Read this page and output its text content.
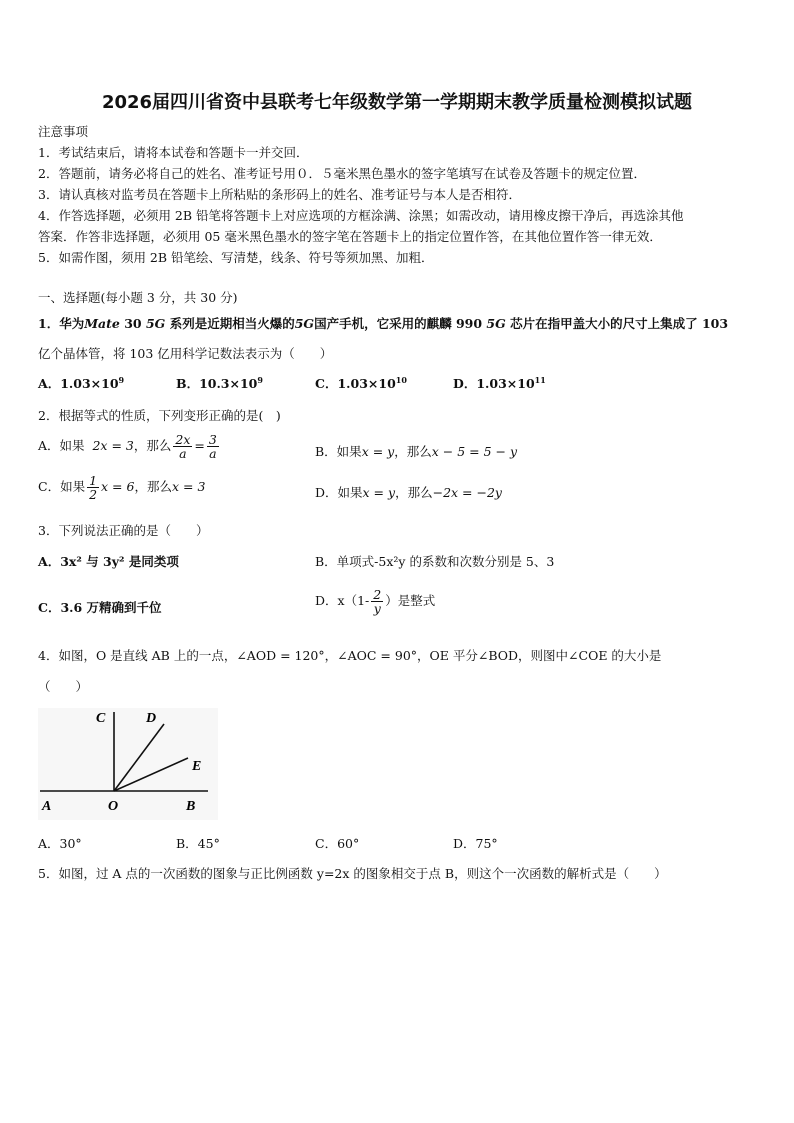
2026届四川省资中县联考七年级数学第一学期期末教学质量检测模拟试题
注意事项
1．考试结束后，请将本试卷和答题卡一并交回．
2．答题前，请务必将自己的姓名、准考证号用０．５毫米黑色墨水的签字笔填写在试卷及答题卡的规定位置．
3．请认真核对监考员在答题卡上所粘贴的条形码上的姓名、准考证号与本人是否相符．
4．作答选择题，必须用 2B 铅笔将答题卡上对应选项的方框涂满、涂黑；如需改动，请用橡皮擦干净后，再选涂其他
答案．作答非选择题，必须用 05 毫米黑色墨水的签字笔在答题卡上的指定位置作答，在其他位置作答一律无效．
5．如需作图，须用 2B 铅笔绘、写清楚，线条、符号等须加黑、加粗．
一、选择题(每小题 3 分，共 30 分)
1．华为Mate 30 5G 系列是近期相当火爆的5G国产手机，它采用的麒麟 990 5G 芯片在指甲盖大小的尺寸上集成了 103
亿个晶体管，将 103 亿用科学记数法表示为（　　）
A．$1.03\times 10^9$	B．$10.3\times 10^9$	C．$1.03\times 10^{10}$	D．$1.03\times 10^{11}$
2．根据等式的性质，下列变形正确的是(　)
A．如果 2x = 3，那么 $\frac{2x}{a} = \frac{3}{a}$	B．如果x = y，那么x − 5 = 5 − y
C．如果 $\frac{1}{2}$ x = 6，那么x = 3	D．如果x = y，那么−2x = −2y
3．下列说法正确的是（　　）
A．3x² 与 3y² 是同类项	B．单项式-5x²y 的系数和次数分别是 5、3
C．3.6 万精确到千位	D．$x(1- \frac{2}{y}$ ）是整式
4．如图，O 是直线 AB 上的一点，∠AOD = 120°，∠AOC = 90°，OE 平分∠BOD，则图中∠COE 的大小是
（　　）
C	D
E
A	O	B
A．30°	B．45°	C．60°	D．75°
5．如图，过 A 点的一次函数的图象与正比例函数 y=2x 的图象相交于点 B，则这个一次函数的解析式是（　　）
